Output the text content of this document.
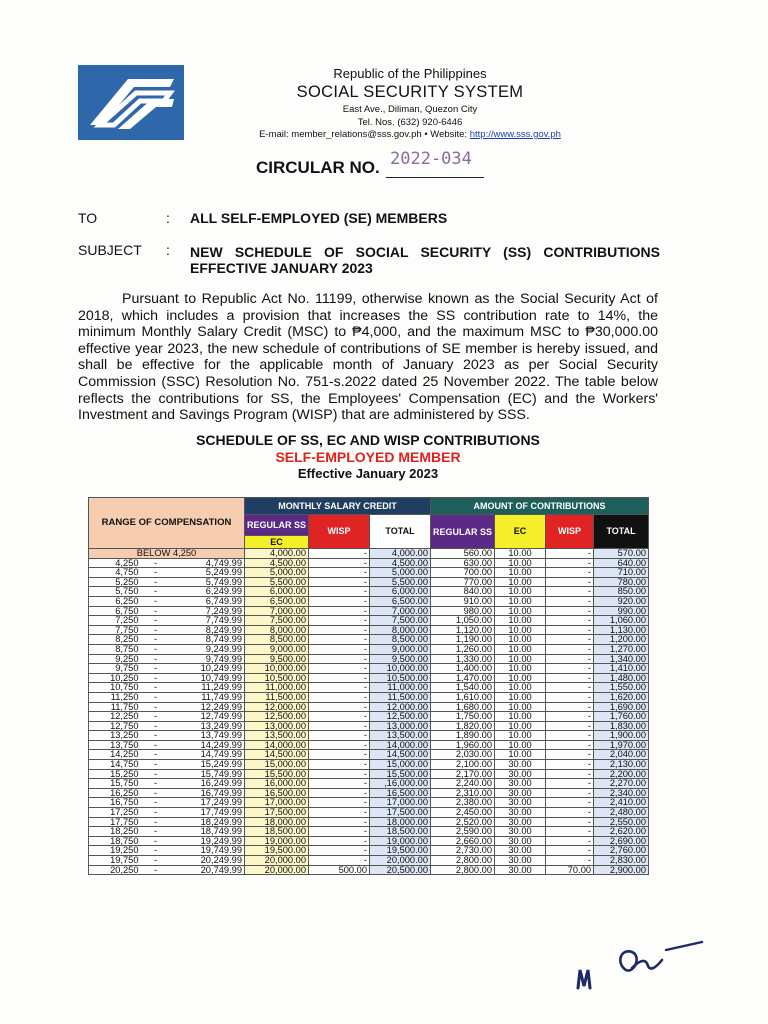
Republic of the Philippines
SOCIAL SECURITY SYSTEM
East Ave., Diliman, Quezon City
Tel. Nos. (632) 920-6446
E-mail: member_relations@sss.gov.ph • Website: http://www.sss.gov.ph
CIRCULAR NO. 2022-034
TO	: ALL SELF-EMPLOYED (SE) MEMBERS
SUBJECT : NEW SCHEDULE OF SOCIAL SECURITY (SS) CONTRIBUTIONS EFFECTIVE JANUARY 2023

Pursuant to Republic Act No. 11199, otherwise known as the Social Security Act of 2018, which includes a provision that increases the SS contribution rate to 14%, the minimum Monthly Salary Credit (MSC) to ₱4,000, and the maximum MSC to ₱30,000.00 effective year 2023, the new schedule of contributions of SE member is hereby issued, and shall be effective for the applicable month of January 2023 as per Social Security Commission (SSC) Resolution No. 751-s.2022 dated 25 November 2022. The table below reflects the contributions for SS, the Employees' Compensation (EC) and the Workers' Investment and Savings Program (WISP) that are administered by SSS.

SCHEDULE OF SS, EC AND WISP CONTRIBUTIONS
SELF-EMPLOYED MEMBER
Effective January 2023
RANGE OF COMPENSATION			MONTHLY SALARY CREDIT			AMOUNT OF CONTRIBUTIONS			
			REGULAR SS	WISP	TOTAL	REGULAR SS	EC	WISP	TOTAL
			EC						
BELOW 4,250			4,000.00	-	4,000.00	560.00	10.00	-	570.00
4,250	-	4,749.99	4,500.00	-	4,500.00	630.00	10.00	-	640.00
4,750	-	5,249.99	5,000.00	-	5,000.00	700.00	10.00	-	710.00
5,250	-	5,749.99	5,500.00	-	5,500.00	770.00	10.00	-	780.00
5,750	-	6,249.99	6,000.00	-	6,000.00	840.00	10.00	-	850.00
6,250	-	6,749.99	6,500.00	-	6,500.00	910.00	10.00	-	920.00
6,750	-	7,249.99	7,000.00	-	7,000.00	980.00	10.00	-	990.00
7,250	-	7,749.99	7,500.00	-	7,500.00	1,050.00	10.00	-	1,060.00
7,750	-	8,249.99	8,000.00	-	8,000.00	1,120.00	10.00	-	1,130.00
8,250	-	8,749.99	8,500.00	-	8,500.00	1,190.00	10.00	-	1,200.00
8,750	-	9,249.99	9,000.00	-	9,000.00	1,260.00	10.00	-	1,270.00
9,250	-	9,749.99	9,500.00	-	9,500.00	1,330.00	10.00	-	1,340.00
9,750	-	10,249.99	10,000.00	-	10,000.00	1,400.00	10.00	-	1,410.00
10,250	-	10,749.99	10,500.00	-	10,500.00	1,470.00	10.00	-	1,480.00
10,750	-	11,249.99	11,000.00	-	11,000.00	1,540.00	10.00	-	1,550.00
11,250	-	11,749.99	11,500.00	-	11,500.00	1,610.00	10.00	-	1,620.00
11,750	-	12,249.99	12,000.00	-	12,000.00	1,680.00	10.00	-	1,690.00
12,250	-	12,749.99	12,500.00	-	12,500.00	1,750.00	10.00	-	1,760.00
12,750	-	13,249.99	13,000.00	-	13,000.00	1,820.00	10.00	-	1,830.00
13,250	-	13,749.99	13,500.00	-	13,500.00	1,890.00	10.00	-	1,900.00
13,750	-	14,249.99	14,000.00	-	14,000.00	1,960.00	10.00	-	1,970.00
14,250	-	14,749.99	14,500.00	-	14,500.00	2,030.00	10.00	-	2,040.00
14,750	-	15,249.99	15,000.00	-	15,000.00	2,100.00	30.00	-	2,130.00
15,250	-	15,749.99	15,500.00	-	15,500.00	2,170.00	30.00	-	2,200.00
15,750	-	16,249.99	16,000.00	-	,16,000.00	2,240.00	30.00	-	2,270.00
16,250	-	16,749.99	16,500.00	-	16,500.00	2,310.00	30.00	-	2,340.00
16,750	-	17,249.99	17,000.00	-	17,000.00	2,380.00	30.00	-	2,410.00
17,250	-	17,749.99	17,500.00	-	17,500.00	2,450.00	30.00	-	2,480.00
17,750	-	18,249.99	18,000.00	-	18,000.00	2,520.00	30.00	-	2,550.00
18,250	-	18,749.99	18,500.00	-	18,500.00	2,590.00	30.00	-	2,620.00
18,750	-	19,249.99	19,000.00	-	19,000.00	2,660.00	30.00	-	2,690.00
19,250	-	19,749.99	19,500.00	-	19,500.00	2,730.00	30.00	-	2,760.00
19,750	-	20,249.99	20,000.00	-	20,000.00	2,800.00	30.00	-	2,830.00
20,250	-	20,749.99	20,000.00	500.00	20,500.00	2,800.00	30.00	70.00	2,900.00
